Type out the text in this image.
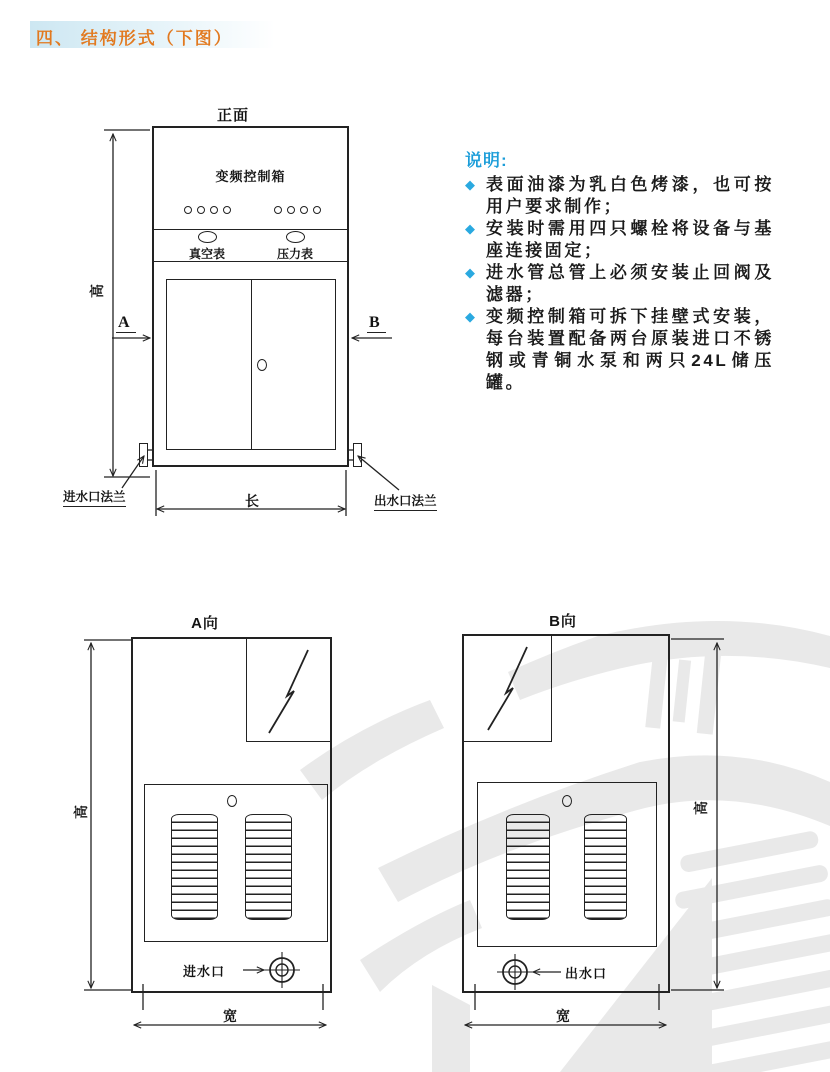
四、 结构形式（下图）
正面
变频控制箱
真空表	压力表
A	B
高
长
进水口法兰	出水口法兰
说明:
◆ 表面油漆为乳白色烤漆，也可按用户要求制作；
◆ 安装时需用四只螺栓将设备与基座连接固定；
◆ 进水管总管上必须安装止回阀及滤器；
◆ 变频控制箱可拆下挂壁式安装，每台装置配备两台原装进口不锈钢或青铜水泵和两只24L储压罐。
A向
进水口
高
宽
B向
出水口
高
宽
